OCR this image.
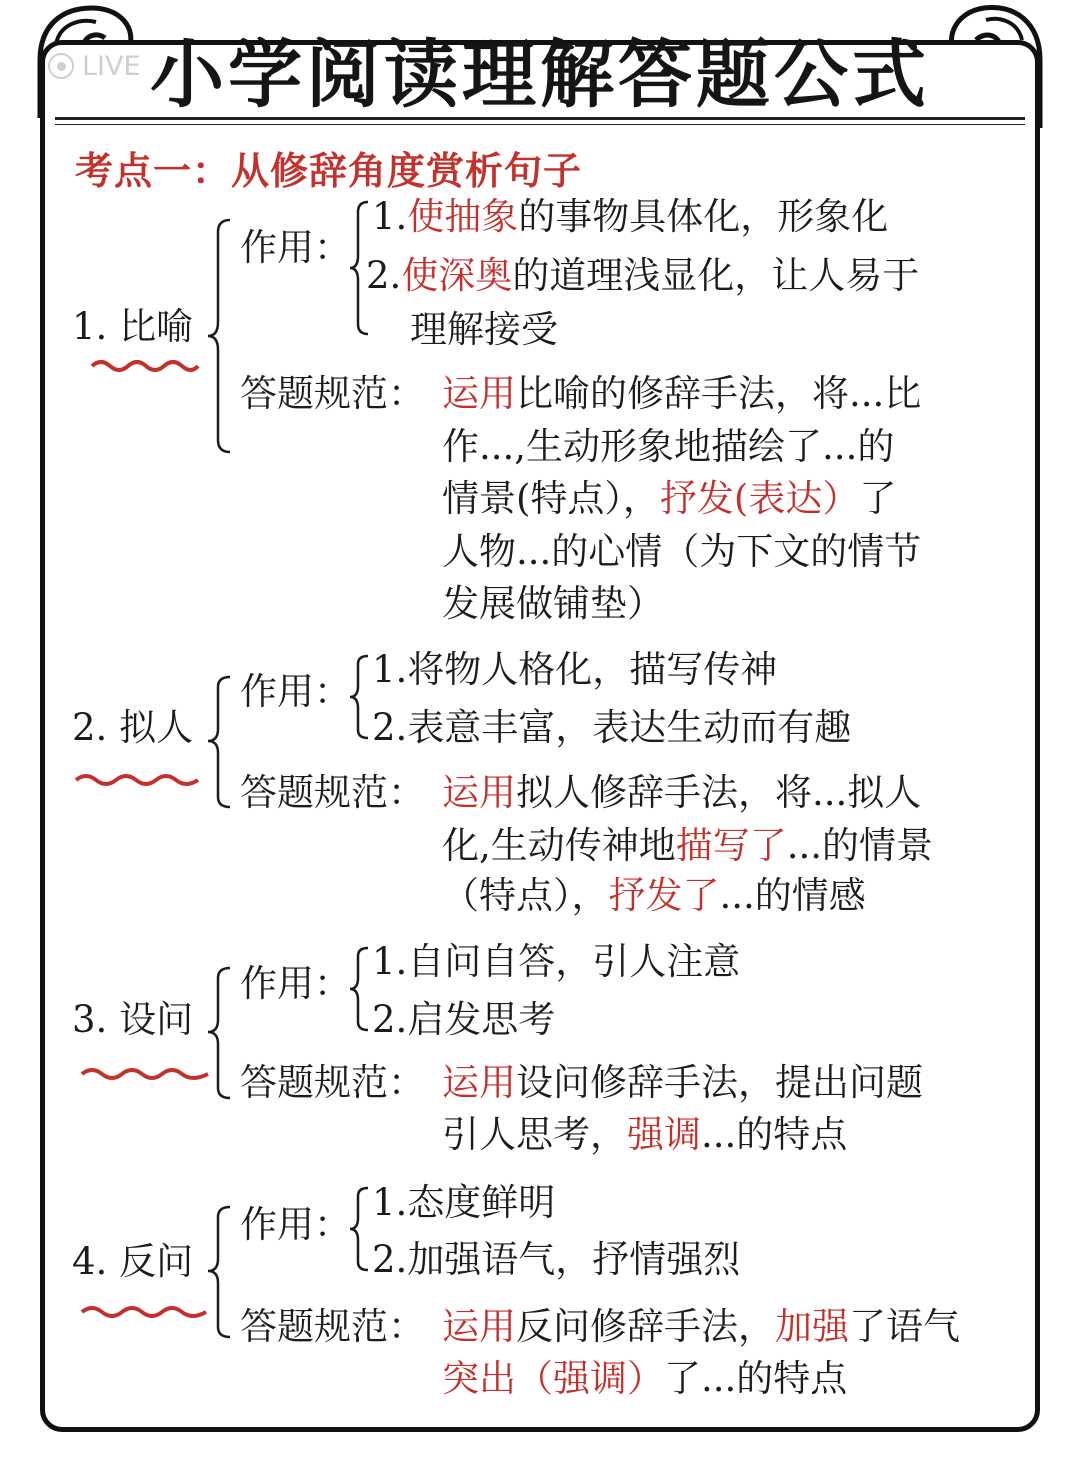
LIVE 小学阅读理解答题公式
考点一：从修辞角度赏析句子
1. 比喻
作用：
1.使抽象的事物具体化，形象化
2.使深奥的道理浅显化，让人易于
理解接受
答题规范： 运用比喻的修辞手法，将...比
作...,生动形象地描绘了...的
情景(特点），抒发(表达）了
人物...的心情（为下文的情节
发展做铺垫）
2. 拟人
作用：
1.将物人格化，描写传神
2.表意丰富，表达生动而有趣
答题规范： 运用拟人修辞手法，将...拟人
化,生动传神地描写了...的情景
（特点），抒发了...的情感
3. 设问
作用：
1.自问自答，引人注意
2.启发思考
答题规范： 运用设问修辞手法，提出问题
引人思考，强调...的特点
4. 反问
作用：
1.态度鲜明
2.加强语气，抒情强烈
答题规范： 运用反问修辞手法，加强了语气
突出（强调）了...的特点
